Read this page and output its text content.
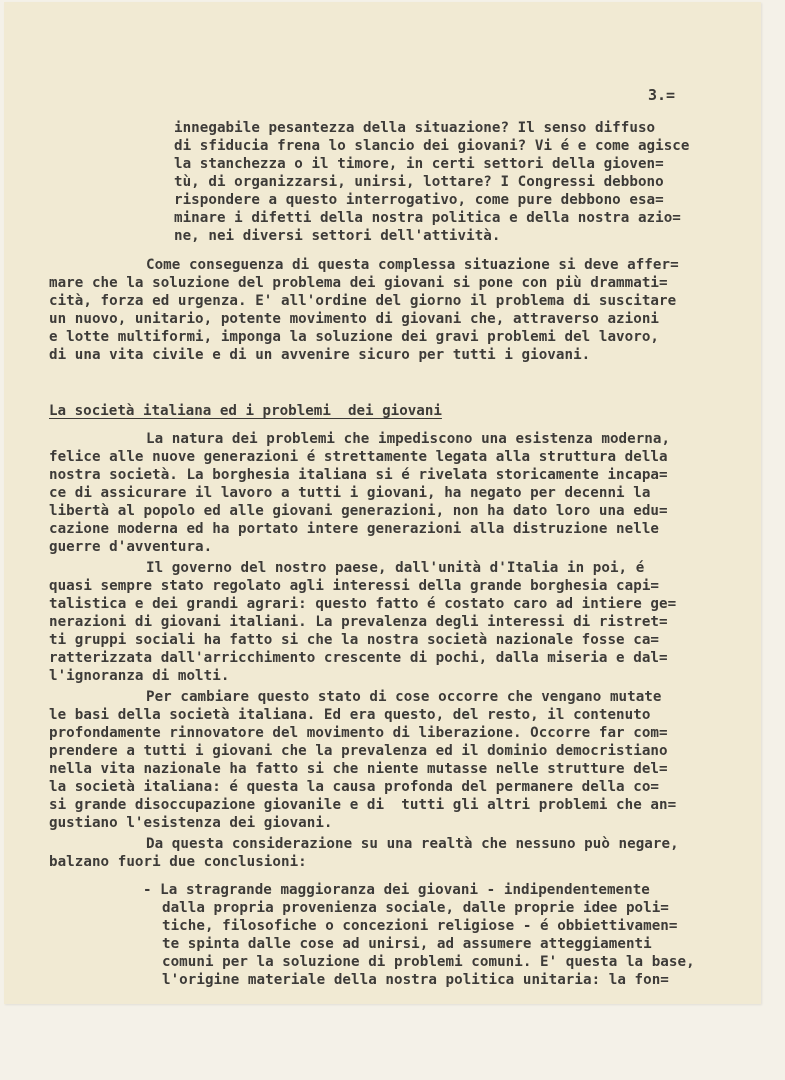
3.=

innegabile pesantezza della situazione? Il senso diffuso

di sfiducia frena lo slancio dei giovani? Vi é e come agisce

la stanchezza o il timore, in certi settori della gioven=

tù, di organizzarsi, unirsi, lottare? I Congressi debbono

rispondere a questo interrogativo, come pure debbono esa=

minare i difetti della nostra politica e della nostra azio=

ne, nei diversi settori dell'attività.

Come conseguenza di questa complessa situazione si deve affer=

mare che la soluzione del problema dei giovani si pone con più drammati=

cità, forza ed urgenza. E' all'ordine del giorno il problema di suscitare

un nuovo, unitario, potente movimento di giovani che, attraverso azioni

e lotte multiformi, imponga la soluzione dei gravi problemi del lavoro,

di una vita civile e di un avvenire sicuro per tutti i giovani.

La società italiana ed i problemi  dei giovani

La natura dei problemi che impediscono una esistenza moderna,

felice alle nuove generazioni é strettamente legata alla struttura della

nostra società. La borghesia italiana si é rivelata storicamente incapa=

ce di assicurare il lavoro a tutti i giovani, ha negato per decenni la

libertà al popolo ed alle giovani generazioni, non ha dato loro una edu=

cazione moderna ed ha portato intere generazioni alla distruzione nelle

guerre d'avventura.

Il governo del nostro paese, dall'unità d'Italia in poi, é

quasi sempre stato regolato agli interessi della grande borghesia capi=

talistica e dei grandi agrari: questo fatto é costato caro ad intiere ge=

nerazioni di giovani italiani. La prevalenza degli interessi di ristret=

ti gruppi sociali ha fatto si che la nostra società nazionale fosse ca=

ratterizzata dall'arricchimento crescente di pochi, dalla miseria e dal=

l'ignoranza di molti.

Per cambiare questo stato di cose occorre che vengano mutate

le basi della società italiana. Ed era questo, del resto, il contenuto

profondamente rinnovatore del movimento di liberazione. Occorre far com=

prendere a tutti i giovani che la prevalenza ed il dominio democristiano

nella vita nazionale ha fatto si che niente mutasse nelle strutture del=

la società italiana: é questa la causa profonda del permanere della co=

si grande disoccupazione giovanile e di  tutti gli altri problemi che an=

gustiano l'esistenza dei giovani.

Da questa considerazione su una realtà che nessuno può negare,

balzano fuori due conclusioni:

- La stragrande maggioranza dei giovani - indipendentemente

dalla propria provenienza sociale, dalle proprie idee poli=

tiche, filosofiche o concezioni religiose - é obbiettivamen=

te spinta dalle cose ad unirsi, ad assumere atteggiamenti

comuni per la soluzione di problemi comuni. E' questa la base,

l'origine materiale della nostra politica unitaria: la fon=
